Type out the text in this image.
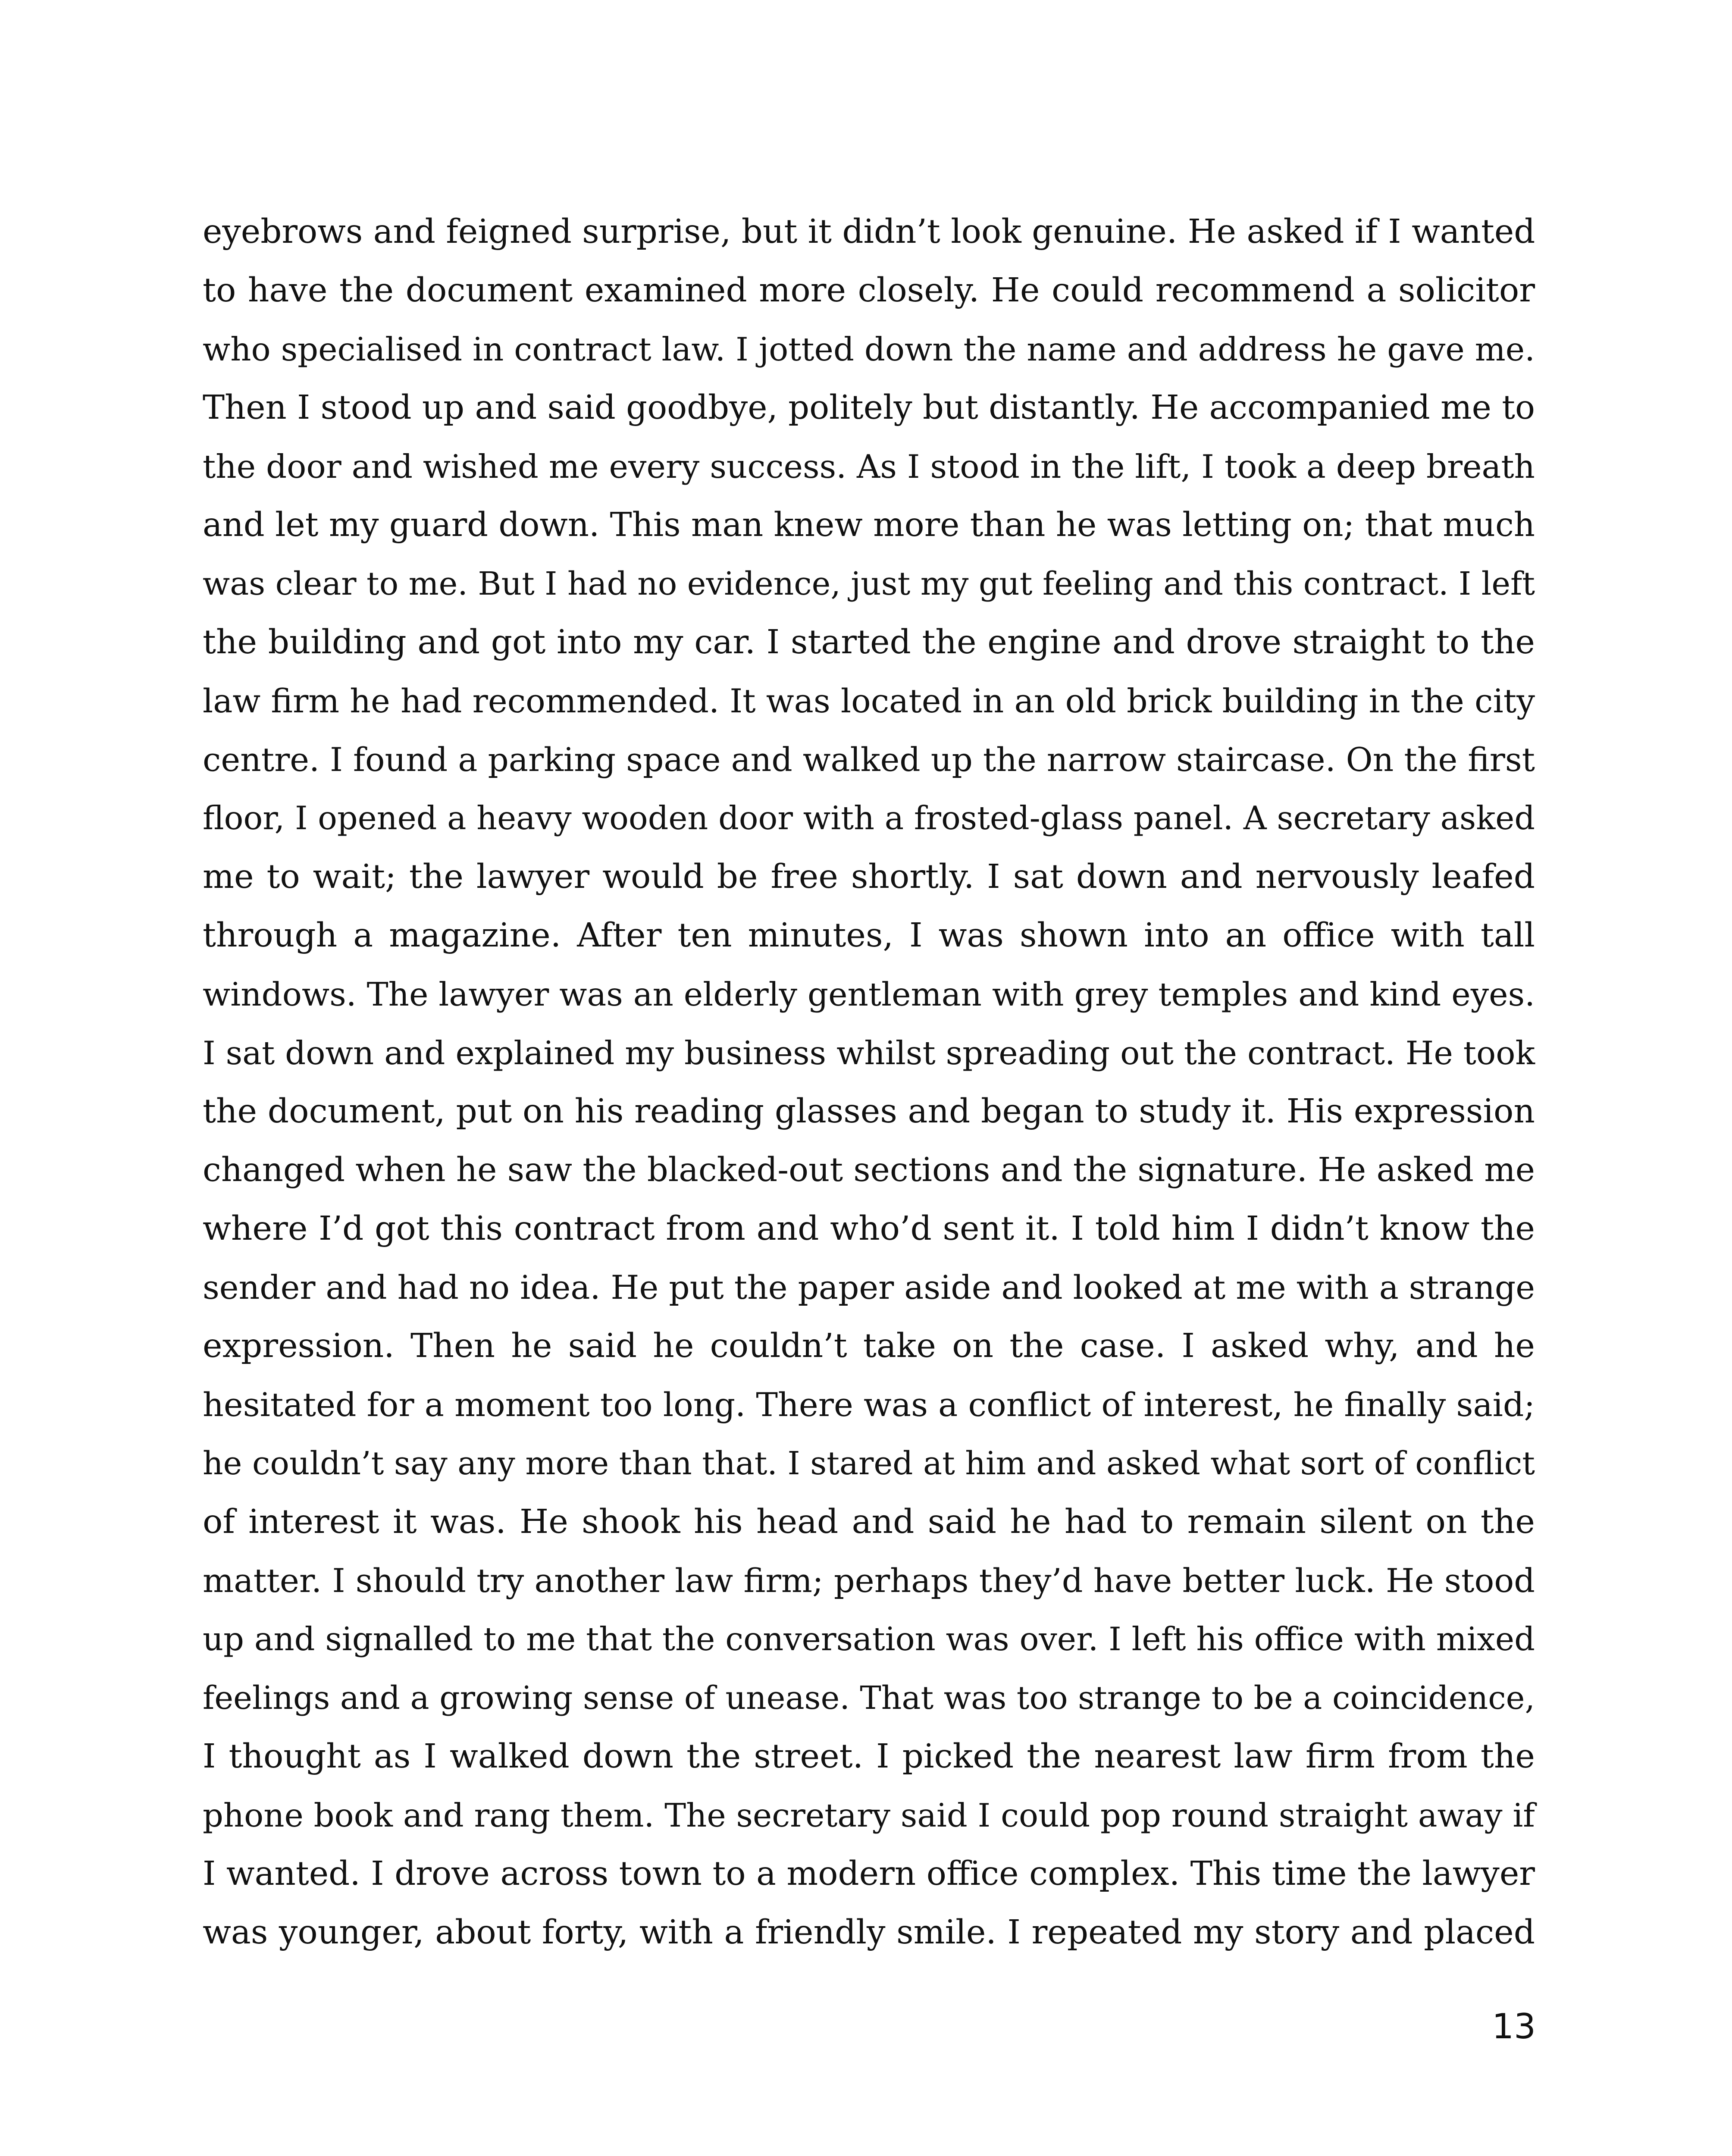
eyebrows and feigned surprise, but it didn’t look genuine. He asked if I wanted
to have the document examined more closely. He could recommend a solicitor
who specialised in contract law. I jotted down the name and address he gave me.
Then I stood up and said goodbye, politely but distantly. He accompanied me to
the door and wished me every success. As I stood in the lift, I took a deep breath
and let my guard down. This man knew more than he was letting on; that much
was clear to me. But I had no evidence, just my gut feeling and this contract. I left
the building and got into my car. I started the engine and drove straight to the
law firm he had recommended. It was located in an old brick building in the city
centre. I found a parking space and walked up the narrow staircase. On the first
floor, I opened a heavy wooden door with a frosted-glass panel. A secretary asked
me to wait; the lawyer would be free shortly. I sat down and nervously leafed
through a magazine. After ten minutes, I was shown into an office with tall
windows. The lawyer was an elderly gentleman with grey temples and kind eyes.
I sat down and explained my business whilst spreading out the contract. He took
the document, put on his reading glasses and began to study it. His expression
changed when he saw the blacked-out sections and the signature. He asked me
where I’d got this contract from and who’d sent it. I told him I didn’t know the
sender and had no idea. He put the paper aside and looked at me with a strange
expression. Then he said he couldn’t take on the case. I asked why, and he
hesitated for a moment too long. There was a conflict of interest, he finally said;
he couldn’t say any more than that. I stared at him and asked what sort of conflict
of interest it was. He shook his head and said he had to remain silent on the
matter. I should try another law firm; perhaps they’d have better luck. He stood
up and signalled to me that the conversation was over. I left his office with mixed
feelings and a growing sense of unease. That was too strange to be a coincidence,
I thought as I walked down the street. I picked the nearest law firm from the
phone book and rang them. The secretary said I could pop round straight away if
I wanted. I drove across town to a modern office complex. This time the lawyer
was younger, about forty, with a friendly smile. I repeated my story and placed
13
